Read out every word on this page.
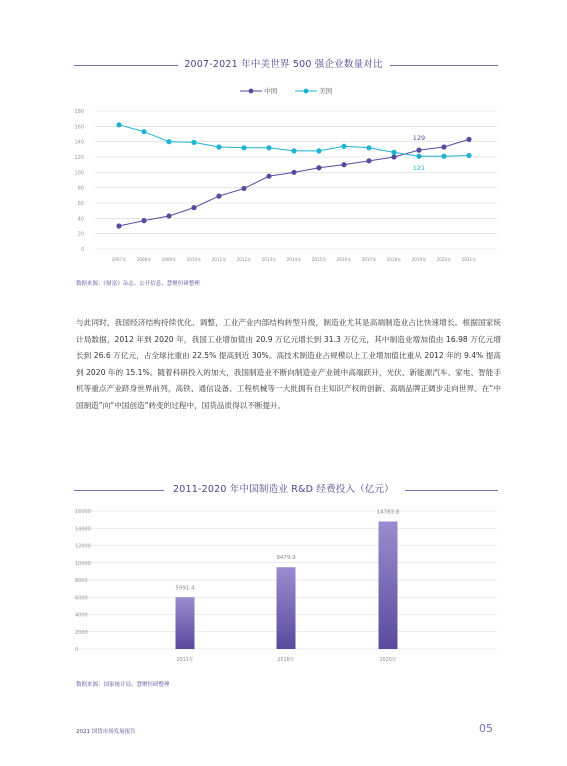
2007-2021 年中美世界 500 强企业数量对比
中国	美国
0
20
40
60
80
100
120
140
160
180
2007年 2008年 2009年 2010年 2011年 2012年 2013年 2014年 2015年 2016年 2017年 2018年 2019年 2020年 2021年
129
121
数据来源：《财富》杂志、公开信息、慧聚恒研整理
与此同时，我国经济结构持续优化、调整，工业产业内部结构转型升级，制造业尤其是高端制造业占比快速增长。根据国家统计局数据，2012 年到 2020 年，我国工业增加值由 20.9 万亿元增长到 31.3 万亿元，其中制造业增加值由 16.98 万亿元增长到 26.6 万亿元，占全球比重由 22.5% 提高到近 30%。高技术制造业占规模以上工业增加值比重从 2012 年的 9.4% 提高到 2020 年的 15.1%。随着科研投入的加大，我国制造业不断向制造业产业链中高端跃升，光伏、新能源汽车、家电、智能手机等重点产业跻身世界前列，高铁、通信设备、工程机械等一大批拥有自主知识产权的创新、高端品牌正阔步走向世界。在“中国制造”向“中国创造”转变的过程中，国货品质得以不断提升。
2011-2020 年中国制造业 R&D 经费投入（亿元）
0
2000
4000
6000
8000
10000
12000
14000
16000
5991.4
2011年
9479.9
2016年
14783.8
2020年
数据来源：国家统计局、慧聚恒研整理
2021 国货市场发展报告	05
